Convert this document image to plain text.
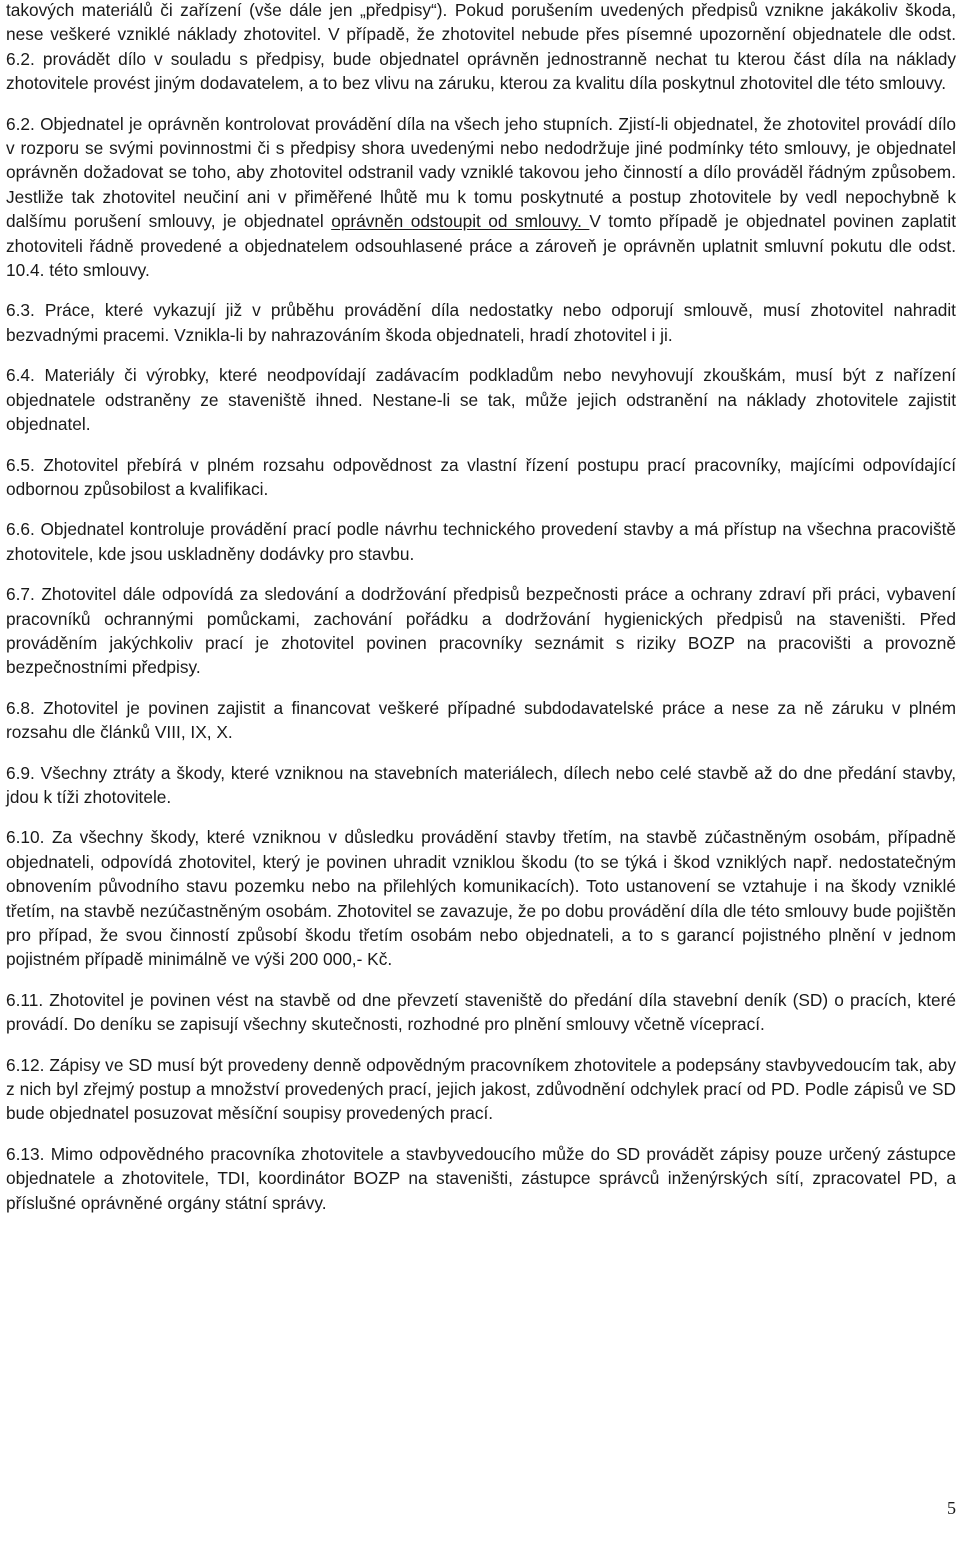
takových materiálů či zařízení (vše dále jen „předpisy“). Pokud porušením uvedených předpisů vznikne jakákoliv škoda, nese veškeré vzniklé náklady zhotovitel. V případě, že zhotovitel nebude přes písemné upozornění objednatele dle odst. 6.2. provádět dílo v souladu s předpisy, bude objednatel oprávněn jednostranně nechat tu kterou část díla na náklady zhotovitele provést jiným dodavatelem, a to bez vlivu na záruku, kterou za kvalitu díla poskytnul zhotovitel dle této smlouvy.

6.2. Objednatel je oprávněn kontrolovat provádění díla na všech jeho stupních. Zjistí-li objednatel, že zhotovitel provádí dílo v rozporu se svými povinnostmi či s předpisy shora uvedenými nebo nedodržuje jiné podmínky této smlouvy, je objednatel oprávněn dožadovat se toho, aby zhotovitel odstranil vady vzniklé takovou jeho činností a dílo prováděl řádným způsobem. Jestliže tak zhotovitel neučiní ani v přiměřené lhůtě mu k tomu poskytnuté a postup zhotovitele by vedl nepochybně k dalšímu porušení smlouvy, je objednatel oprávněn odstoupit od smlouvy. V tomto případě je objednatel povinen zaplatit zhotoviteli řádně provedené a objednatelem odsouhlasené práce a zároveň je oprávněn uplatnit smluvní pokutu dle odst. 10.4. této smlouvy.

6.3. Práce, které vykazují již v průběhu provádění díla nedostatky nebo odporují smlouvě, musí zhotovitel nahradit bezvadnými pracemi. Vznikla-li by nahrazováním škoda objednateli, hradí zhotovitel i ji.

6.4. Materiály či výrobky, které neodpovídají zadávacím podkladům nebo nevyhovují zkouškám, musí být z nařízení objednatele odstraněny ze staveniště ihned. Nestane-li se tak, může jejich odstranění na náklady zhotovitele zajistit objednatel.

6.5. Zhotovitel přebírá v plném rozsahu odpovědnost za vlastní řízení postupu prací pracovníky, majícími odpovídající odbornou způsobilost a kvalifikaci.

6.6. Objednatel kontroluje provádění prací podle návrhu technického provedení stavby a má přístup na všechna pracoviště zhotovitele, kde jsou uskladněny dodávky pro stavbu.

6.7. Zhotovitel dále odpovídá za sledování a dodržování předpisů bezpečnosti práce a ochrany zdraví při práci, vybavení pracovníků ochrannými pomůckami, zachování pořádku a dodržování hygienických předpisů na staveništi. Před prováděním jakýchkoliv prací je zhotovitel povinen pracovníky seznámit s riziky BOZP na pracovišti a provozně bezpečnostními předpisy.

6.8. Zhotovitel je povinen zajistit a financovat veškeré případné subdodavatelské práce a nese za ně záruku v plném rozsahu dle článků VIII, IX, X.

6.9. Všechny ztráty a škody, které vzniknou na stavebních materiálech, dílech nebo celé stavbě až do dne předání stavby, jdou k tíži zhotovitele.

6.10. Za všechny škody, které vzniknou v důsledku provádění stavby třetím, na stavbě zúčastněným osobám, případně objednateli, odpovídá zhotovitel, který je povinen uhradit vzniklou škodu (to se týká i škod vzniklých např. nedostatečným obnovením původního stavu pozemku nebo na přilehlých komunikacích). Toto ustanovení se vztahuje i na škody vzniklé třetím, na stavbě nezúčastněným osobám. Zhotovitel se zavazuje, že po dobu provádění díla dle této smlouvy bude pojištěn pro případ, že svou činností způsobí škodu třetím osobám nebo objednateli, a to s garancí pojistného plnění v jednom pojistném případě minimálně ve výši 200 000,- Kč.

6.11. Zhotovitel je povinen vést na stavbě od dne převzetí staveniště do předání díla stavební deník (SD) o pracích, které provádí. Do deníku se zapisují všechny skutečnosti, rozhodné pro plnění smlouvy včetně víceprací.

6.12. Zápisy ve SD musí být provedeny denně odpovědným pracovníkem zhotovitele a podepsány stavbyvedoucím tak, aby z nich byl zřejmý postup a množství provedených prací, jejich jakost, zdůvodnění odchylek prací od PD. Podle zápisů ve SD bude objednatel posuzovat měsíční soupisy provedených prací.

6.13. Mimo odpovědného pracovníka zhotovitele a stavbyvedoucího může do SD provádět zápisy pouze určený zástupce objednatele a zhotovitele, TDI, koordinátor BOZP na staveništi, zástupce správců inženýrských sítí, zpracovatel PD, a příslušné oprávněné orgány státní správy.

5
